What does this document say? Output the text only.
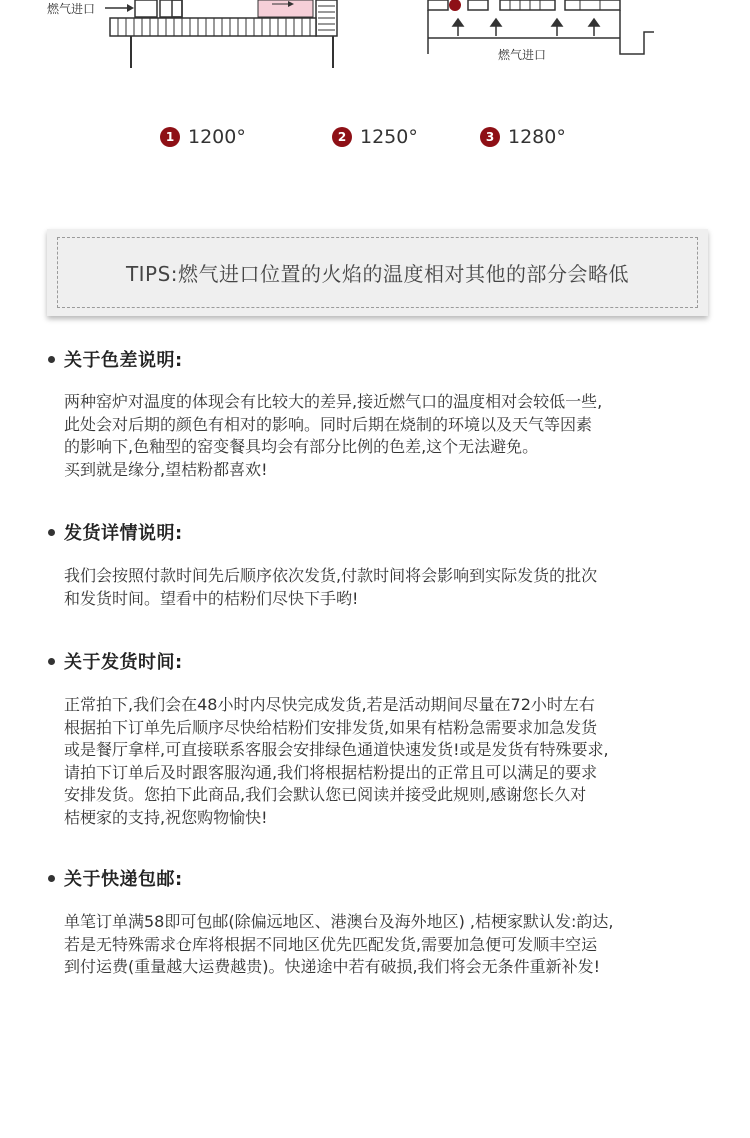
燃气进口
燃气进口
1 1200°	2 1250°	3 1280°
TIPS:燃气进口位置的火焰的温度相对其他的部分会略低
关于色差说明:

两种窑炉对温度的体现会有比较大的差异,接近燃气口的温度相对会较低一些,

此处会对后期的颜色有相对的影响。同时后期在烧制的环境以及天气等因素

的影响下,色釉型的窑变餐具均会有部分比例的色差,这个无法避免。

买到就是缘分,望桔粉都喜欢!

发货详情说明:

我们会按照付款时间先后顺序依次发货,付款时间将会影响到实际发货的批次

和发货时间。望看中的桔粉们尽快下手哟!

关于发货时间:

正常拍下,我们会在48小时内尽快完成发货,若是活动期间尽量在72小时左右

根据拍下订单先后顺序尽快给桔粉们安排发货,如果有桔粉急需要求加急发货

或是餐厅拿样,可直接联系客服会安排绿色通道快速发货!或是发货有特殊要求,

请拍下订单后及时跟客服沟通,我们将根据桔粉提出的正常且可以满足的要求

安排发货。您拍下此商品,我们会默认您已阅读并接受此规则,感谢您长久对

桔梗家的支持,祝您购物愉快!

关于快递包邮:

单笔订单满58即可包邮(除偏远地区、港澳台及海外地区) ,桔梗家默认发:韵达,

若是无特殊需求仓库将根据不同地区优先匹配发货,需要加急便可发顺丰空运

到付运费(重量越大运费越贵)。快递途中若有破损,我们将会无条件重新补发!
